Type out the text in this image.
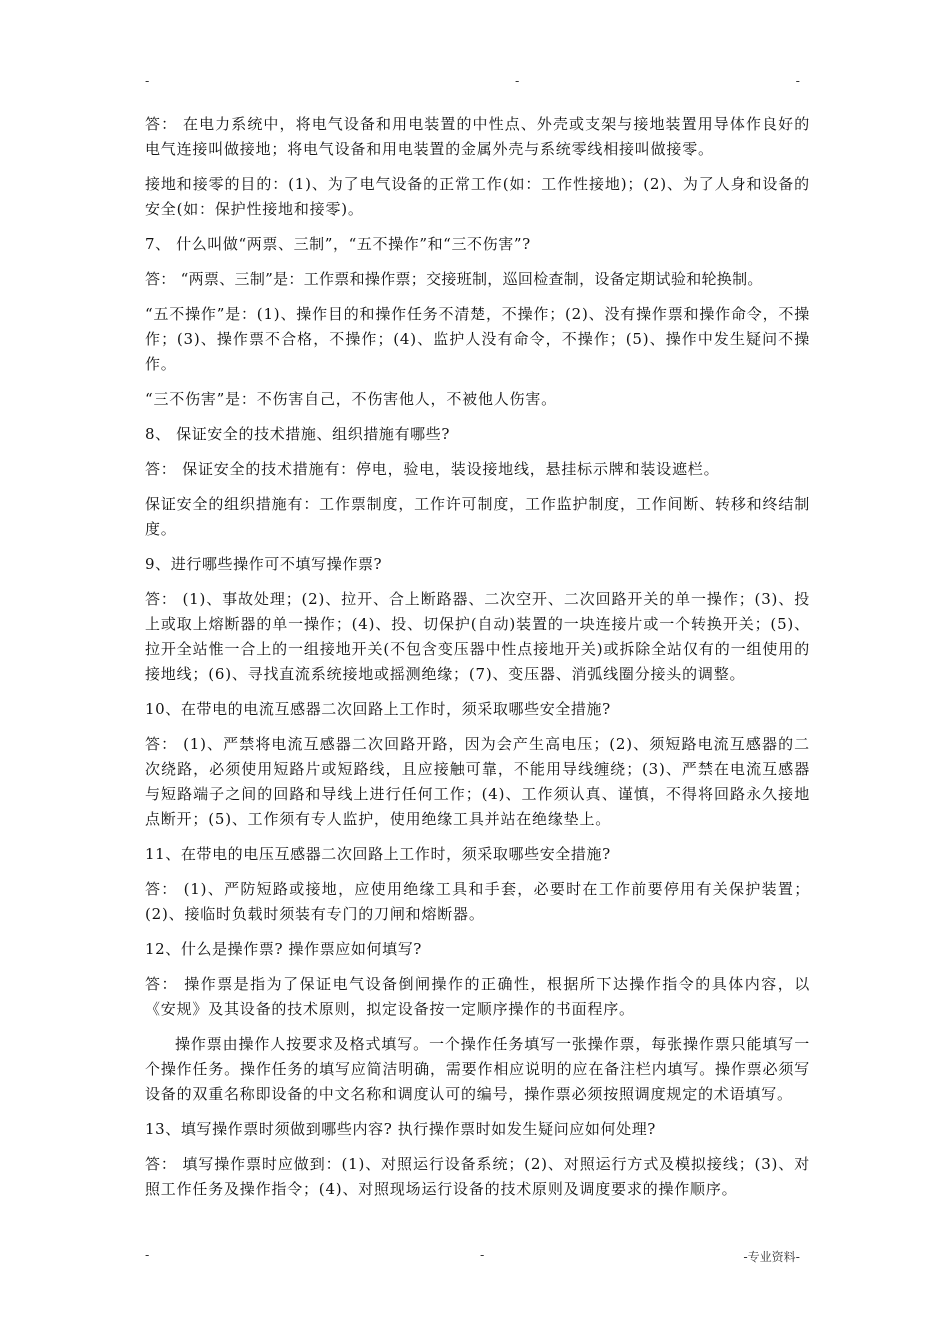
-	-	-

答： 在电力系统中，将电气设备和用电装置的中性点、外壳或支架与接地装置用导体作良好的电气连接叫做接地；将电气设备和用电装置的金属外壳与系统零线相接叫做接零。

接地和接零的目的：(1)、为了电气设备的正常工作(如：工作性接地)；(2)、为了人身和设备的安全(如：保护性接地和接零)。

7、 什么叫做“两票、三制”，“五不操作”和“三不伤害”?

答： “两票、三制”是：工作票和操作票；交接班制，巡回检查制，设备定期试验和轮换制。

“五不操作”是：(1)、操作目的和操作任务不清楚，不操作；(2)、没有操作票和操作命令，不操作；(3)、操作票不合格，不操作；(4)、监护人没有命令，不操作；(5)、操作中发生疑问不操作。

“三不伤害”是：不伤害自己，不伤害他人，不被他人伤害。

8、 保证安全的技术措施、组织措施有哪些?

答： 保证安全的技术措施有：停电，验电，装设接地线，悬挂标示牌和装设遮栏。

保证安全的组织措施有：工作票制度，工作许可制度，工作监护制度，工作间断、转移和终结制度。

9、进行哪些操作可不填写操作票?

答： (1)、事故处理；(2)、拉开、合上断路器、二次空开、二次回路开关的单一操作；(3)、投上或取上熔断器的单一操作；(4)、投、切保护(自动)装置的一块连接片或一个转换开关；(5)、拉开全站惟一合上的一组接地开关(不包含变压器中性点接地开关)或拆除全站仅有的一组使用的接地线；(6)、寻找直流系统接地或摇测绝缘；(7)、变压器、消弧线圈分接头的调整。

10、在带电的电流互感器二次回路上工作时，须采取哪些安全措施?

答： (1)、严禁将电流互感器二次回路开路，因为会产生高电压；(2)、须短路电流互感器的二次绕路，必须使用短路片或短路线，且应接触可靠，不能用导线缠绕；(3)、严禁在电流互感器与短路端子之间的回路和导线上进行任何工作；(4)、工作须认真、谨慎，不得将回路永久接地点断开；(5)、工作须有专人监护，使用绝缘工具并站在绝缘垫上。

11、在带电的电压互感器二次回路上工作时，须采取哪些安全措施?

答： (1)、严防短路或接地，应使用绝缘工具和手套，必要时在工作前要停用有关保护装置；(2)、接临时负载时须装有专门的刀闸和熔断器。

12、什么是操作票? 操作票应如何填写?

答： 操作票是指为了保证电气设备倒闸操作的正确性，根据所下达操作指令的具体内容，以《安规》及其设备的技术原则，拟定设备按一定顺序操作的书面程序。

操作票由操作人按要求及格式填写。一个操作任务填写一张操作票，每张操作票只能填写一个操作任务。操作任务的填写应简洁明确，需要作相应说明的应在备注栏内填写。操作票必须写设备的双重名称即设备的中文名称和调度认可的编号，操作票必须按照调度规定的术语填写。

13、填写操作票时须做到哪些内容? 执行操作票时如发生疑问应如何处理?

答： 填写操作票时应做到：(1)、对照运行设备系统；(2)、对照运行方式及模拟接线；(3)、对照工作任务及操作指令；(4)、对照现场运行设备的技术原则及调度要求的操作顺序。

-	-	-专业资料-
